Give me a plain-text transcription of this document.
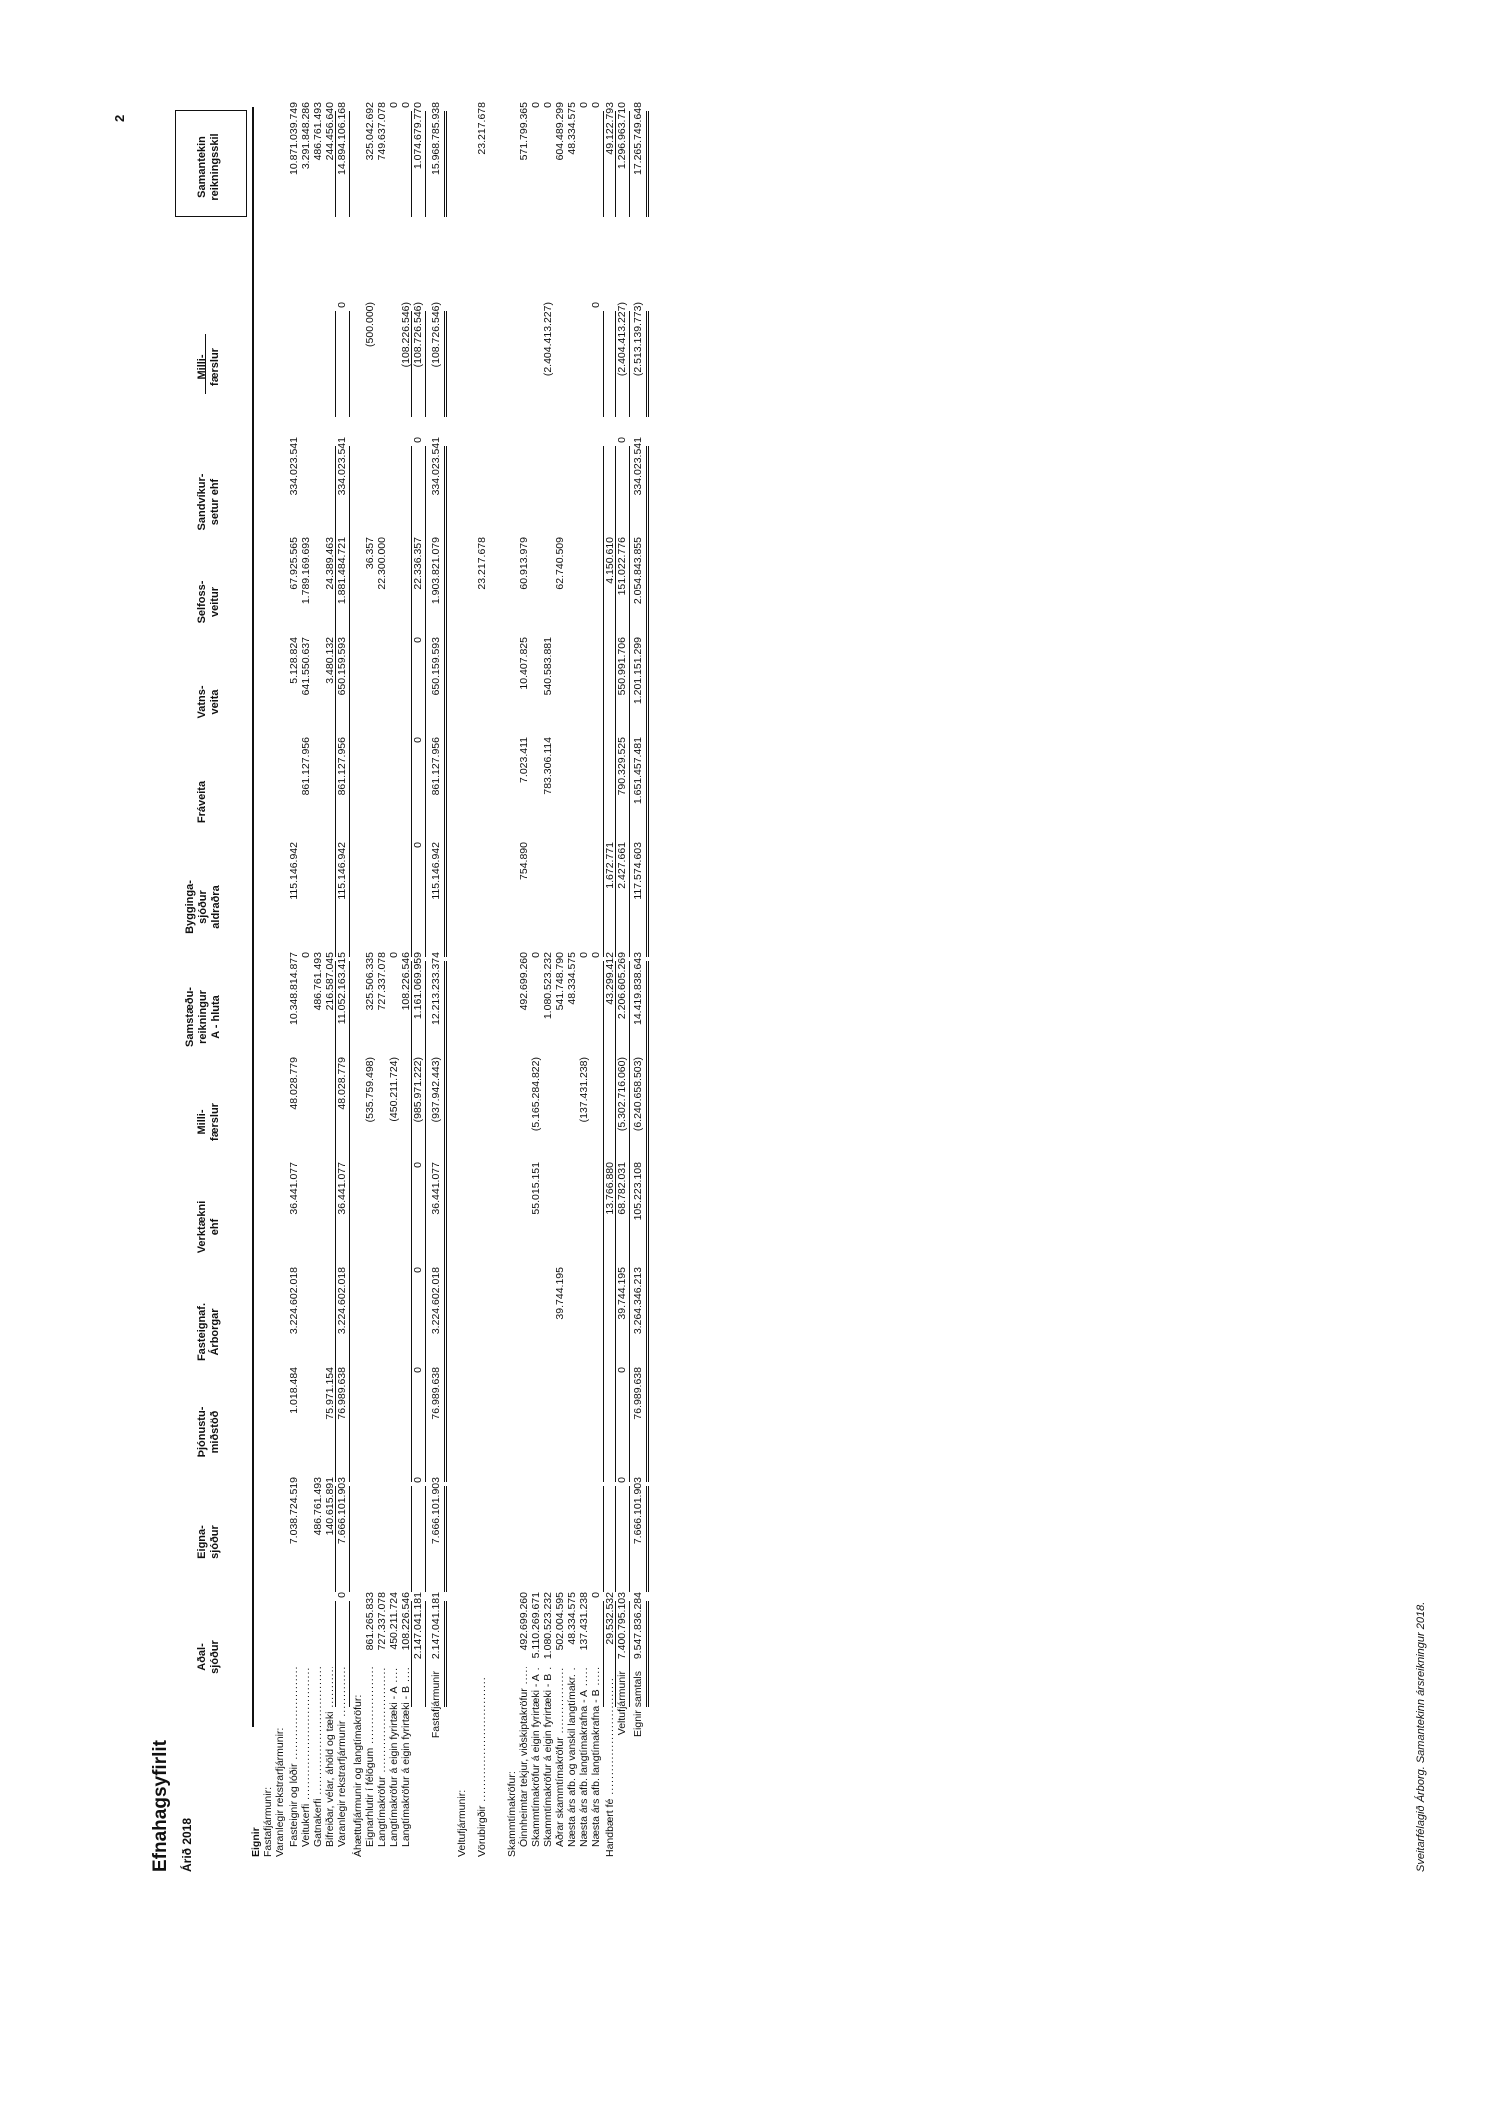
2
Efnahagsyfirlit Árið 2018
Aðal- sjóður
Eigna- sjóður
Þjónustu- miðstöð
Fasteignaf. Árborgar
Verktækni ehf
Milli- færslur
Samstæðu- reikningur A - hluta
Bygginga- sjóður aldraðra
Fráveita
Vatns- veita
Selfoss- veitur
Sandvíkur- setur ehf
Milli- færslur
Samantekin reikningsskil
Eignir Fastafjármunir: Varanlegir rekstrarfjármunir: Fasteignir og lóðir .....
7.038.724.519
1.018.484
3.224.602.018
36.441.077
48.028.779
10.348.814.877
115.146.942
5.128.824
67.925.565
334.023.541
10.871.039.749
Veitukerfi .....
0
861.127.956
641.550.637
1.789.169.693
3.291.848.286
Gatnakerfi .....
486.761.493
486.761.493
486.761.493
Bifreiðar, vélar, áhöld og tæki .....
140.615.891
75.971.154
216.587.045
3.480.132
24.389.463
244.456.640
Varanlegir rekstrarfjármunir .....
0
7.666.101.903
76.989.638
3.224.602.018
36.441.077
48.028.779
11.052.163.415
115.146.942
861.127.956
650.159.593
1.881.484.721
334.023.541
0
14.894.106.168
Áhættufjármunir og langtímakröfur: Eignarhlutir í félögum .....
861.265.833
(535.759.498)
325.506.335
36.357
(500.000)
325.042.692
Langtímakröfur .....
727.337.078
727.337.078
22.300.000
749.637.078
Langtímakröfur á eigin fyrirtæki - A .....
450.211.724
(450.211.724)
0
0
Langtímakröfur á eigin fyrirtæki - B .....
108.226.546
108.226.546
(108.226.546)
0
2.147.041.181
0
0
0
0
(985.971.222)
1.161.069.959
0
0
0
22.336.357
0
(108.726.546)
1.074.679.770
Fastafjármunir
2.147.041.181
7.666.101.903
76.989.638
3.224.602.018
36.441.077
(937.942.443)
12.213.233.374
115.146.942
861.127.956
650.159.593
1.903.821.079
334.023.541
(108.726.546)
15.968.785.938
Veltufjármunir: Vörubirgðir .....
23.217.678
23.217.678
Skammtímakröfur: Óinnheimtar tekjur, viðskiptakröfur .....
492.699.260
492.699.260
754.890
7.023.411
10.407.825
60.913.979
571.799.365
Skammtímakröfur á eigin fyrirtæki - A .....
5.110.269.671
55.015.151
(5.165.284.822)
0
0
Skammtímakröfur á eigin fyrirtæki - B .....
1.080.523.232
1.080.523.232
783.306.114
540.583.881
(2.404.413.227)
0
Aðrar skammtímakröfur .....
502.004.595
39.744.195
541.748.790
62.740.509
604.489.299
Næsta árs afb. og vanskil langtímakr. .....
48.334.575
48.334.575
48.334.575
Næsta árs afb. langtímakrafna - A .....
137.431.238
(137.431.238)
0
0
Næsta árs afb. langtímakrafna - B .....
0
0
0
0
Handbært fé .....
29.532.532
13.766.880
43.299.412
1.672.771
4.150.610
49.122.793
Veltufjármunir
7.400.795.103
0
0
39.744.195
68.782.031
(5.302.716.060)
2.206.605.269
2.427.661
790.329.525
550.991.706
151.022.776
0
(2.404.413.227)
1.296.963.710
Eignir samtals
9.547.836.284
7.666.101.903
76.989.638
3.264.346.213
105.223.108
(6.240.658.503)
14.419.838.643
117.574.603
1.651.457.481
1.201.151.299
2.054.843.855
334.023.541
(2.513.139.773)
17.265.749.648
Sveitarfélagið Árborg. Samantekinn ársreikningur 2018.
